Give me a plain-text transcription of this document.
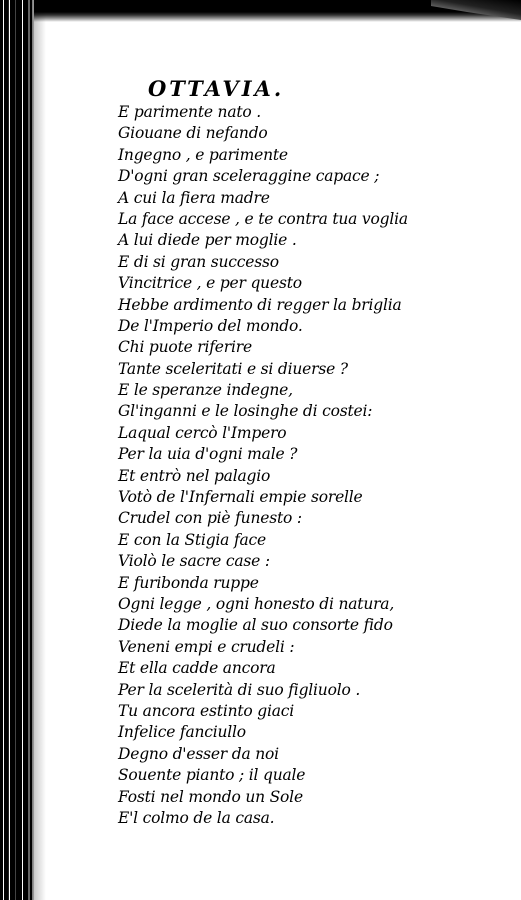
OTTAVIA.
E parimente nato .
Giouane di nefando
Ingegno , e parimente
D'ogni gran sceleraggine capace ;
A cui la fiera madre
La face accese , e te contra tua voglia
A lui diede per moglie .
E di si gran successo
Vincitrice , e per questo
Hebbe ardimento di regger la briglia
De l'Imperio del mondo.
Chi puote riferire
Tante sceleritati e si diuerse ?
E le speranze indegne,
Gl'inganni e le losinghe di costei:
Laqual cercò l'Impero
Per la uia d'ogni male ?
Et entrò nel palagio
Votò de l'Infernali empie sorelle
Crudel con piè funesto :
E con la Stigia face
Violò le sacre case :
E furibonda ruppe
Ogni legge , ogni honesto di natura,
Diede la moglie al suo consorte fido
Veneni empi e crudeli :
Et ella cadde ancora
Per la scelerità di suo figliuolo .
Tu ancora estinto giaci
Infelice fanciullo
Degno d'esser da noi
Souente pianto ; il quale
Fosti nel mondo un Sole
E'l colmo de la casa.
